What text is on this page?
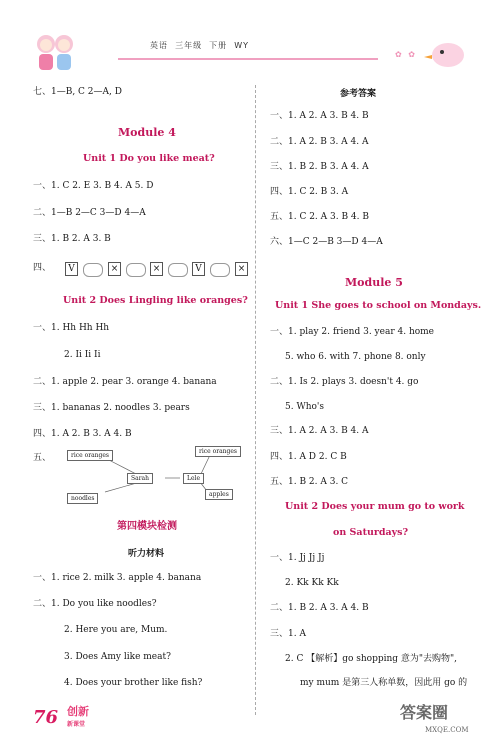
英语  三年级  下册  WY
✿ ✿
七、1—B, C 2—A, D
Module 4
Unit 1 Do you like meat?
一、1. C 2. E 3. B 4. A 5. D
二、1—B 2—C 3—D 4—A
三、1. B 2. A 3. B
四、	V	×	×	V	×
Unit 2 Does Lingling like oranges?
一、1. Hh Hh Hh
2. Ii Ii Ii
二、1. apple 2. pear 3. orange 4. banana
三、1. bananas 2. noodles 3. pears
四、1. A 2. B 3. A 4. B
五、	rice oranges
Sarah	Lele
rice oranges
noodles
apples
第四模块检测
听力材料
一、1. rice 2. milk 3. apple 4. banana
二、1. Do you like noodles?
2. Here you are, Mum.
3. Does Amy like meat?
4. Does your brother like fish?
参考答案
一、1. A 2. A 3. B 4. B
二、1. A 2. B 3. A 4. A
三、1. B 2. B 3. A 4. A
四、1. C 2. B 3. A
五、1. C 2. A 3. B 4. B
六、1—C 2—B 3—D 4—A
Module 5
Unit 1 She goes to school on Mondays.
一、1. play 2. friend 3. year 4. home
5. who 6. with 7. phone 8. only
二、1. Is 2. plays 3. doesn't 4. go
5. Who's
三、1. A 2. A 3. B 4. A
四、1. A D 2. C B
五、1. B 2. A 3. C
Unit 2 Does your mum go to work
on Saturdays?
一、1. Jj Jj Jj
2. Kk Kk Kk
二、1. B 2. A 3. A 4. B
三、1. A
2. C 【解析】go shopping 意为"去购物",
my mum 是第三人称单数，因此用 go 的
76 创新
新课堂
答案圈
MXQE.COM
